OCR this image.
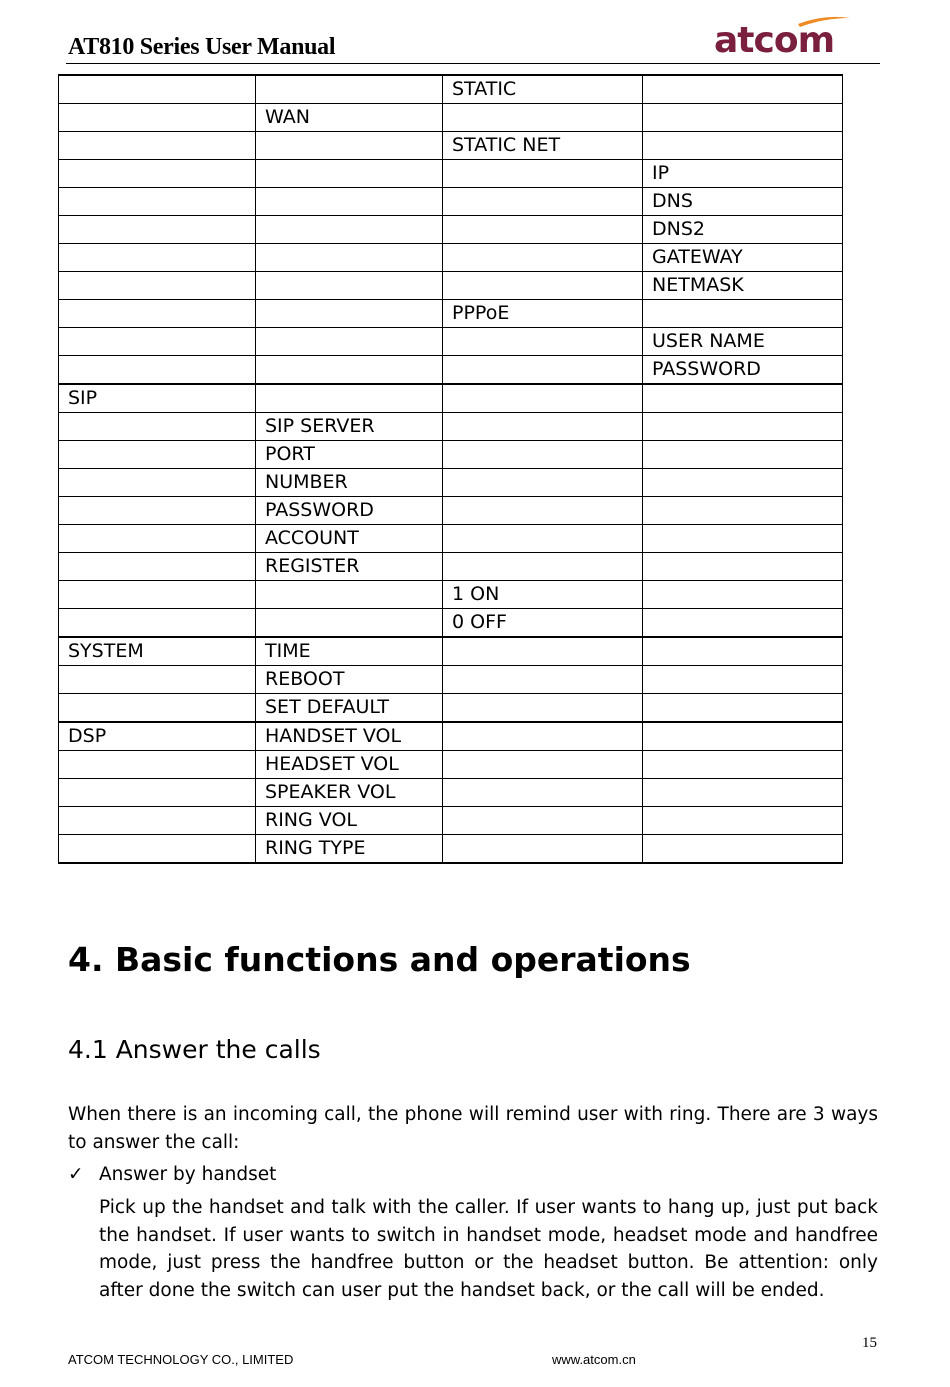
AT810 Series User Manual	atcom
		STATIC	
	WAN		
		STATIC NET	
			IP
			DNS
			DNS2
			GATEWAY
			NETMASK
		PPPoE	
			USER NAME
			PASSWORD
SIP			
	SIP SERVER		
	PORT		
	NUMBER		
	PASSWORD		
	ACCOUNT		
	REGISTER		
		1 ON	
		0 OFF	
SYSTEM	TIME		
	REBOOT		
	SET DEFAULT		
DSP	HANDSET VOL		
	HEADSET VOL		
	SPEAKER VOL		
	RING VOL		
	RING TYPE		
4. Basic functions and operations
4.1 Answer the calls
When there is an incoming call, the phone will remind user with ring. There are 3 ways to answer the call:
✓ Answer by handset
Pick up the handset and talk with the caller. If user wants to hang up, just put back the handset. If user wants to switch in handset mode, headset mode and handfree mode, just press the handfree button or the headset button. Be attention: only after done the switch can user put the handset back, or the call will be ended.
15
ATCOM TECHNOLOGY CO., LIMITED	www.atcom.cn
